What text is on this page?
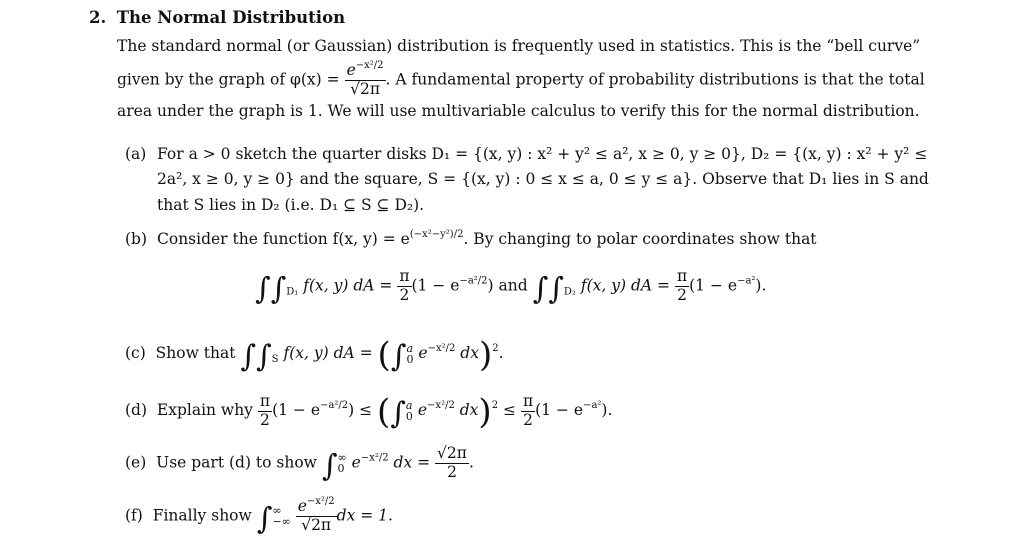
2. The Normal Distribution
The standard normal (or Gaussian) distribution is frequently used in statistics. This is the “bell curve”
given by the graph of $\varphi(x) = \frac{e^{-x^2/2}}{√2\pi}$ . A fundamental property of probability distributions is that the total
area under the graph is 1. We will use multivariable calculus to verify this for the normal distribution.
(a) For a > 0 sketch the quarter disks D₁ = {(x, y) : x² + y² ≤ a², x ≥ 0, y ≥ 0}, D₂ = {(x, y) : x² + y² ≤
2a², x ≥ 0, y ≥ 0} and the square, S = {(x, y) : 0 ≤ x ≤ a, 0 ≤ y ≤ a}. Observe that D₁ lies in S and
that S lies in D₂ (i.e. D₁ ⊆ S ⊆ D₂).
(b) Consider the function f(x, $y) = e^{(-x^2-y^2)/2}$. By changing to polar coordinates show that
$\int\int_{D_1}$ f(x, y) dA = $\frac{\pi}{2} (1 - e^{-a^2/2})$ and $\int\int_{D_2}$ f(x, y) dA = $\frac{\pi}{2} (1 - e^{-a^2})$.
(c) Show that $\int\int_S$ f(x, y) dA = (∫ a
0 $e^{-x^2/2}$ dx)$^2$.
(d) Explain why $\frac{\pi}{2} (1 - e^{-a^2/2})$ ≤ (∫ a
0 $e^{-x^2/2}$ $dx)^2 \le \frac{\pi}{2} (1 - e^{-a^2})$.
(e) Use part (d) to show ∫ ∞
0 $e^{-x^2/2}$ dx = $\frac{√2\pi}{2}$ .
(f) Finally show ∫ ∞
−∞
$\frac{e^{-x^2/2}}{√2\pi}$ dx = 1.
